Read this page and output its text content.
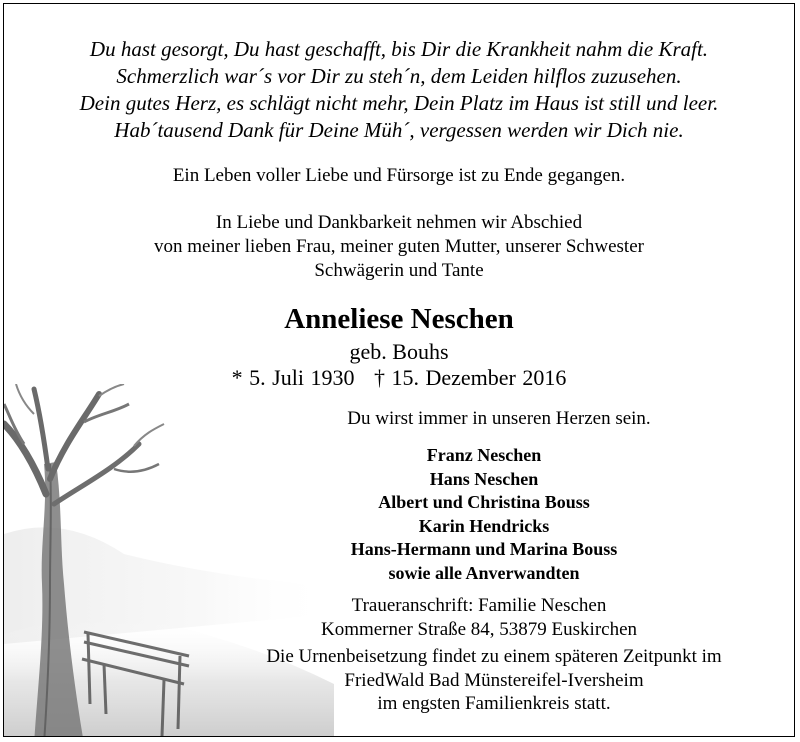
Du hast gesorgt, Du hast geschafft, bis Dir die Krankheit nahm die Kraft.
Schmerzlich war´s vor Dir zu steh´n, dem Leiden hilflos zuzusehen.
Dein gutes Herz, es schlägt nicht mehr, Dein Platz im Haus ist still und leer.
Hab´tausend Dank für Deine Müh´, vergessen werden wir Dich nie.
Ein Leben voller Liebe und Fürsorge ist zu Ende gegangen.
In Liebe und Dankbarkeit nehmen wir Abschied
von meiner lieben Frau, meiner guten Mutter, unserer Schwester
Schwägerin und Tante
Anneliese Neschen
geb. Bouhs
* 5. Juli 1930 † 15. Dezember 2016
Du wirst immer in unseren Herzen sein.
Franz Neschen
Hans Neschen
Albert und Christina Bouss
Karin Hendricks
Hans-Hermann und Marina Bouss
sowie alle Anverwandten
Traueranschrift: Familie Neschen
Kommerner Straße 84, 53879 Euskirchen
Die Urnenbeisetzung findet zu einem späteren Zeitpunkt im
FriedWald Bad Münstereifel-Iversheim
im engsten Familienkreis statt.
